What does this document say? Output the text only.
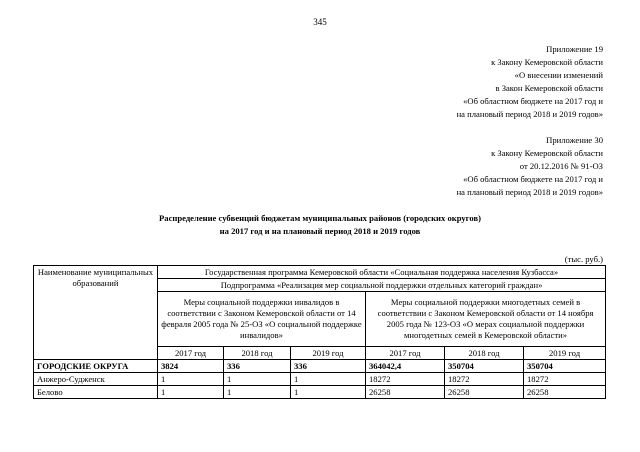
345
Приложение 19
к Закону Кемеровской области
«О внесении изменений
в Закон Кемеровской области
«Об областном бюджете на 2017 год и
на плановый период 2018 и 2019 годов»
Приложение 30
к Закону Кемеровской области
от 20.12.2016 № 91-ОЗ
«Об областном бюджете на 2017 год и
на плановый период 2018 и 2019 годов»
Распределение субвенций бюджетам муниципальных районов (городских округов)
на 2017 год и на плановый период 2018 и 2019 годов
(тыс. руб.)
Наименование муниципальных образований	Государственная программа Кемеровской области «Социальная поддержка населения Кузбасса»					
	Подпрограмма «Реализация мер социальной поддержки отдельных категорий граждан»					
	Меры социальной поддержки инвалидов в соответствии с Законом Кемеровской области от 14 февраля 2005 года № 25-ОЗ «О социальной поддержке инвалидов»			Меры социальной поддержки многодетных семей в соответствии с Законом Кемеровской области от 14 ноября 2005 года № 123-ОЗ «О мерах социальной поддержки многодетных семей в Кемеровской области»		
	2017 год	2018 год	2019 год	2017 год	2018 год	2019 год
ГОРОДСКИЕ ОКРУГА	3824	336	336	364042,4	350704	350704
Анжеро-Судженск	1	1	1	18272	18272	18272
Белово	1	1	1	26258	26258	26258
